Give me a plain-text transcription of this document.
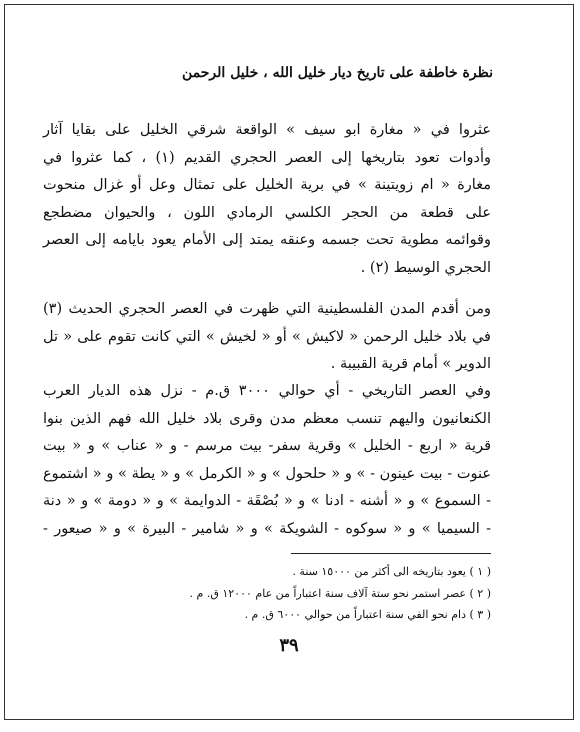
نظرة خاطفة على تاريخ ديار خليل الله ، خليل الرحمن
عثروا في « مغارة ابو سيف » الواقعة شرقي الخليل على بقايا آثار
وأدوات تعود بتاريخها إلى العصر الحجري القديم (١) ، كما عثروا في
مغارة « ام زويتينة » في برية الخليل على تمثال وعل أو غزال منحوت
على قطعة من الحجر الكلسي الرمادي اللون ، والحيوان مضطجع
وقوائمه مطوية تحت جسمه وعنقه يمتد إلى الأمام يعود بايامه إلى العصر
الحجري الوسيط (٢) .
ومن أقدم المدن الفلسطينية التي ظهرت في العصر الحجري الحديث (٣)
في بلاد خليل الرحمن « لاكيش » أو « لخيش » التي كانت تقوم على « تل
الدوير » أمام قرية القبيبة .
وفي العصر التاريخي - أي حوالي ٣٠٠٠ ق.م - نزل هذه الديار العرب
الكنعانيون واليهم تنسب معظم مدن وقرى بلاد خليل الله فهم الذين بنوا
قرية « اربع - الخليل » وقرية سفر- بيت مرسم - و « عناب » و « بيت
عنوت - بيت عينون - » و « حلحول » و « الكرمل » و « يطة » و « اشتموع
- السموع » و « أشنه - ادنا » و « بُصْقَة - الدوايمة » و « دومة » و « دنة
- السيميا » و « سوكوه - الشويكة » و « شامير - البيرة » و « صيعور -
( ١ ) يعود بتاريخه الى أكثر من ١٥٠٠٠ سنة .
( ٢ ) عصر استمر نحو ستة آلاف سنة اعتباراً من عام ١٢٠٠٠ ق. م .
( ٣ ) دام نحو الفي سنة اعتباراً من حوالي ٦٠٠٠ ق. م .
٣٩
